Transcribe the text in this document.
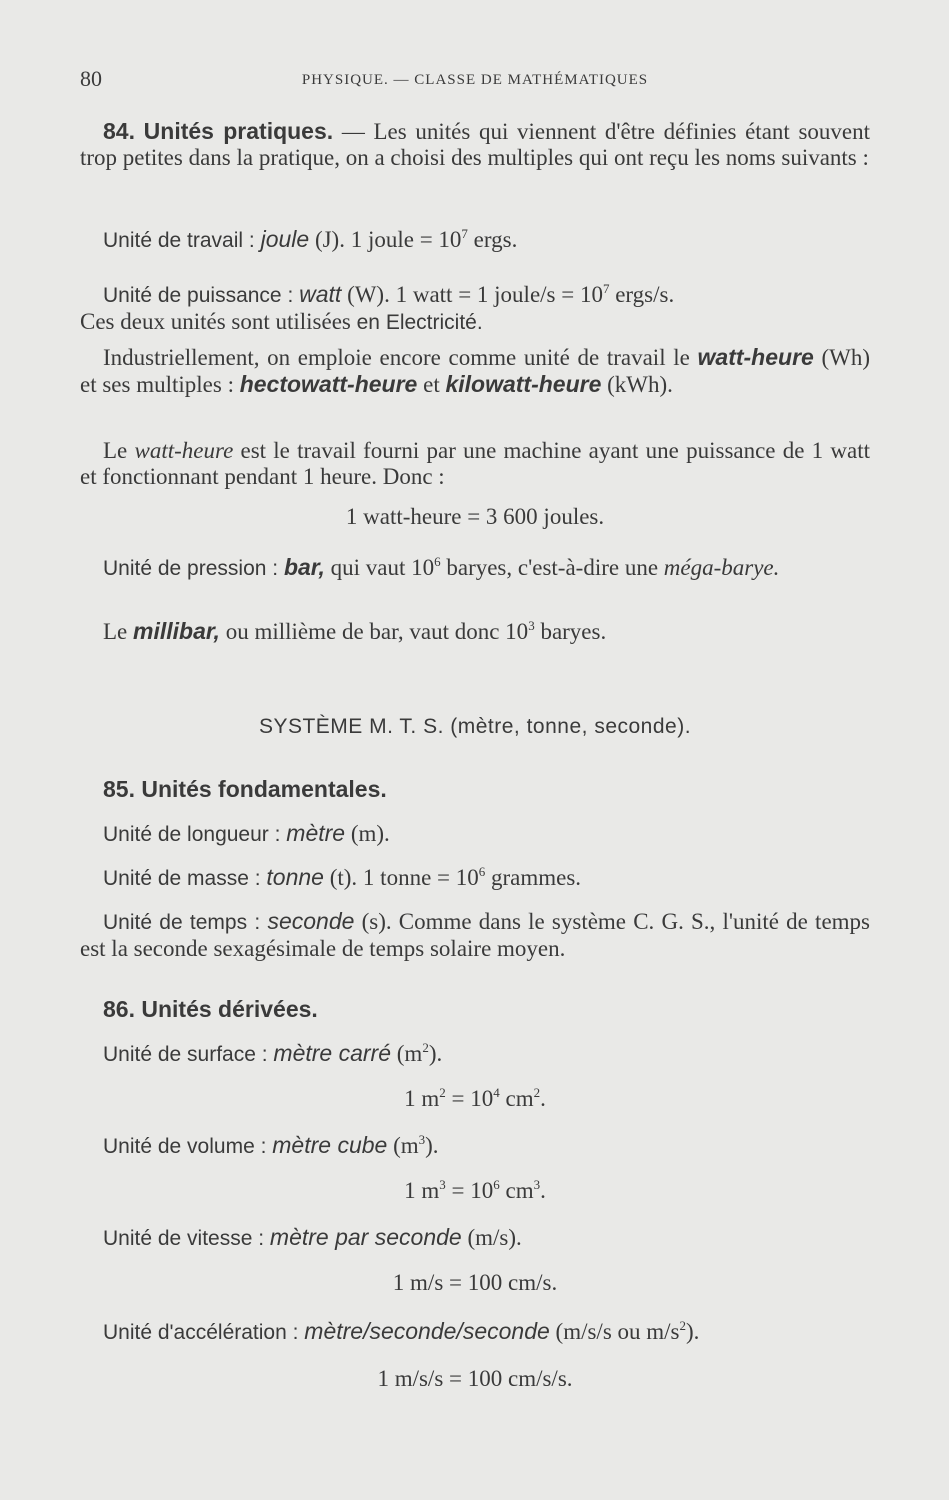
80	PHYSIQUE. — CLASSE DE MATHÉMATIQUES

84. Unités pratiques. — Les unités qui viennent d'être définies étant souvent trop petites dans la pratique, on a choisi des multiples qui ont reçu les noms suivants :

Unité de travail : joule (J). 1 joule = $10^7$ ergs.

Unité de puissance : watt (W). 1 watt = 1 joule/s = $10^7$ ergs/s.

Ces deux unités sont utilisées en Electricité.

Industriellement, on emploie encore comme unité de travail le watt-heure (Wh) et ses multiples : hectowatt-heure et kilowatt-heure (kWh).

Le watt-heure est le travail fourni par une machine ayant une puissance de 1 watt et fonctionnant pendant 1 heure. Donc :

1 watt-heure = 3 600 joules.

Unité de pression : bar, qui vaut $10^6$ baryes, c'est-à-dire une méga-barye.

Le millibar, ou millième de bar, vaut donc $10^3$ baryes.

SYSTÈME M. T. S. (mètre, tonne, seconde).

85. Unités fondamentales.

Unité de longueur : mètre (m).

Unité de masse : tonne (t). 1 tonne = $10^6$ grammes.

Unité de temps : seconde (s). Comme dans le système C. G. S., l'unité de temps est la seconde sexagésimale de temps solaire moyen.

86. Unités dérivées.

Unité de surface : mètre carré $(m^2)$.

1 $m^2 = 10^4$ $cm^2$.

Unité de volume : mètre cube $(m^3)$.

1 $m^3 = 10^6$ $cm^3$.

Unité de vitesse : mètre par seconde (m/s).

1 m/s = 100 cm/s.

Unité d'accélération : mètre/seconde/seconde (m/s/s ou $m/s^2$).

1 m/s/s = 100 cm/s/s.
